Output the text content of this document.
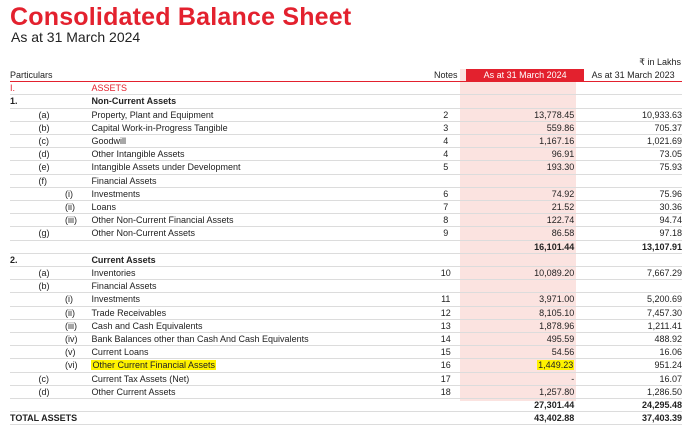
Consolidated Balance Sheet
As at 31 March 2024
₹ in Lakhs
Particulars				Notes	As at 31 March 2024	As at 31 March 2023
I.			ASSETS			
1.			Non-Current Assets			
	(a)		Property, Plant and Equipment	2	13,778.45	10,933.63
	(b)		Capital Work-in-Progress Tangible	3	559.86	705.37
	(c)		Goodwill	4	1,167.16	1,021.69
	(d)		Other Intangible Assets	4	96.91	73.05
	(e)		Intangible Assets under Development	5	193.30	75.93
	(f)		Financial Assets			
		(i)	Investments	6	74.92	75.96
		(ii)	Loans	7	21.52	30.36
		(iii)	Other Non-Current Financial Assets	8	122.74	94.74
	(g)		Other Non-Current Assets	9	86.58	97.18
					16,101.44	13,107.91
2.			Current Assets			
	(a)		Inventories	10	10,089.20	7,667.29
	(b)		Financial Assets			
		(i)	Investments	11	3,971.00	5,200.69
		(ii)	Trade Receivables	12	8,105.10	7,457.30
		(iii)	Cash and Cash Equivalents	13	1,878.96	1,211.41
		(iv)	Bank Balances other than Cash And Cash Equivalents	14	495.59	488.92
		(v)	Current Loans	15	54.56	16.06
		(vi)	Other Current Financial Assets	16	1,449.23	951.24
	(c)		Current Tax Assets (Net)	17	-	16.07
	(d)		Other Current Assets	18	1,257.80	1,286.50
					27,301.44	24,295.48
TOTAL ASSETS					43,402.88	37,403.39
